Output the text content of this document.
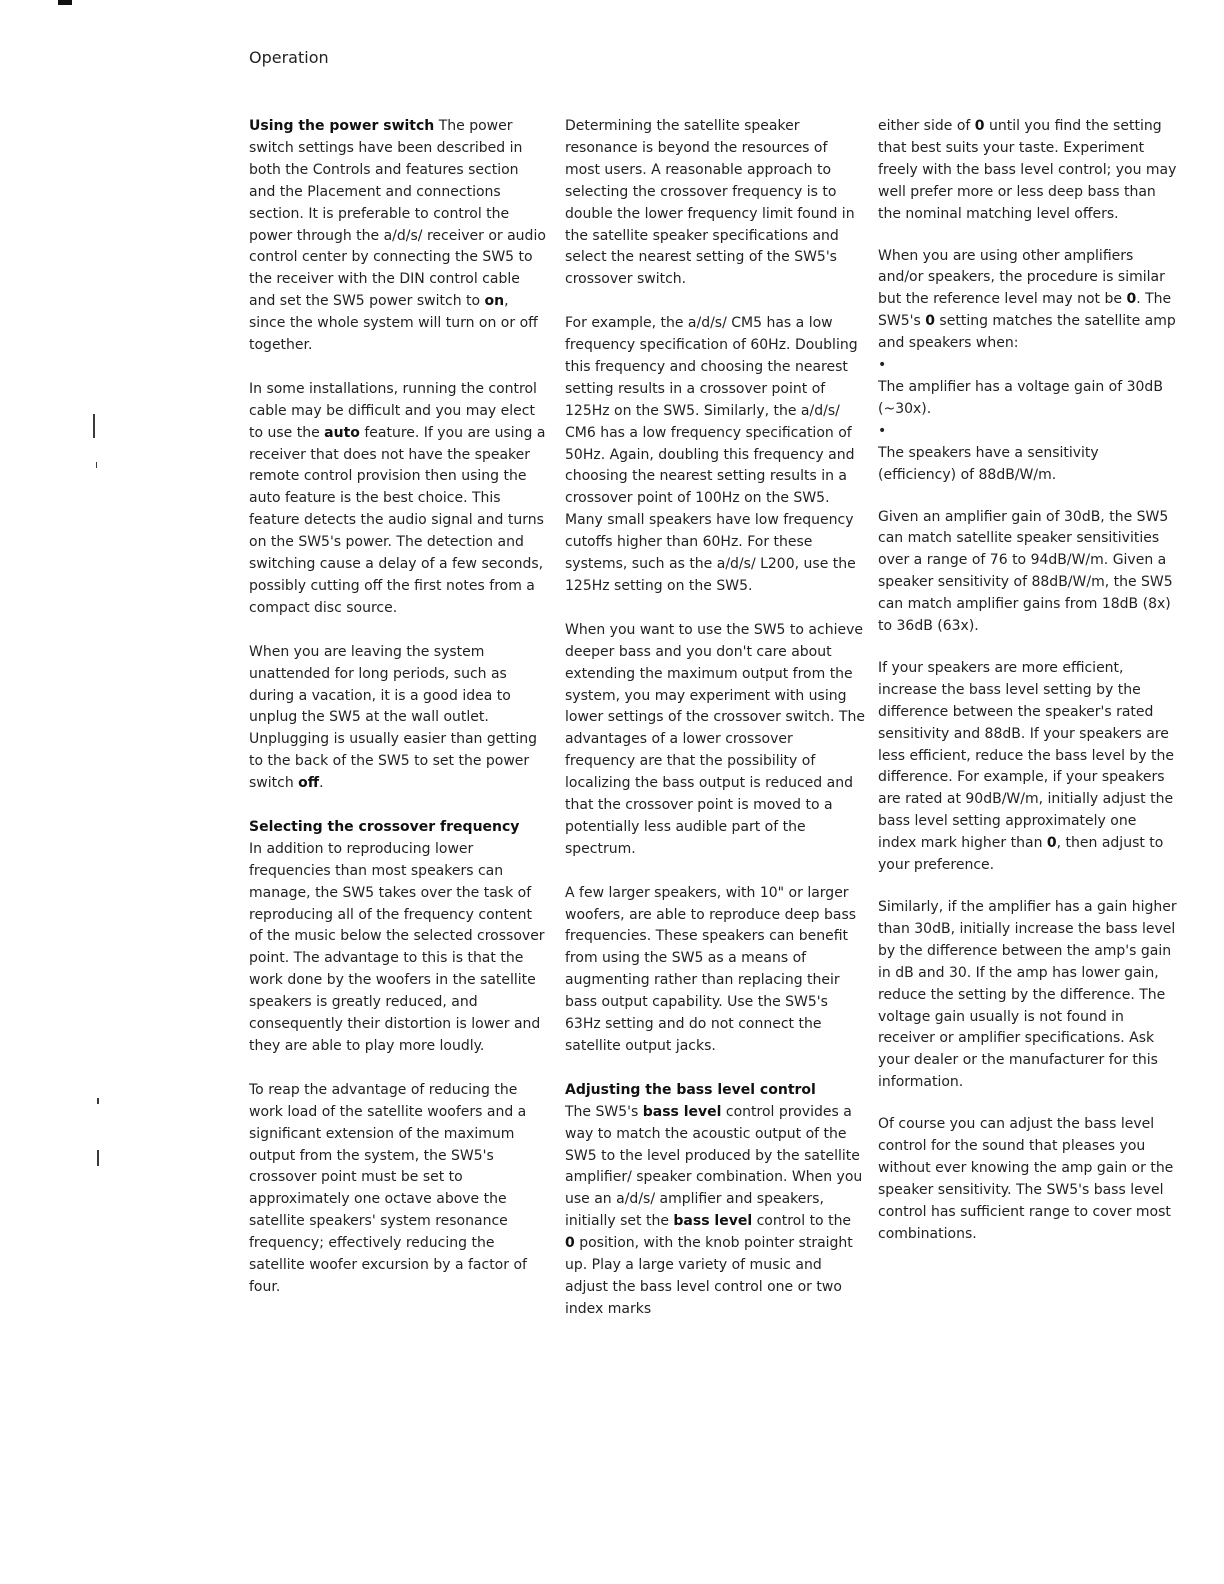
Operation

Using the power switch The power switch settings have been described in both the Controls and features section and the Placement and connections section. It is preferable to control the power through the a/d/s/ receiver or audio control center by connecting the SW5 to the receiver with the DIN control cable and set the SW5 power switch to on, since the whole system will turn on or off together.

In some installations, running the control cable may be difficult and you may elect to use the auto feature. If you are using a receiver that does not have the speaker remote control provision then using the auto feature is the best choice. This feature detects the audio signal and turns on the SW5's power. The detection and switching cause a delay of a few seconds, possibly cutting off the first notes from a compact disc source.

When you are leaving the system unattended for long periods, such as during a vacation, it is a good idea to unplug the SW5 at the wall outlet. Unplugging is usually easier than getting to the back of the SW5 to set the power switch off.

Selecting the crossover frequency
In addition to reproducing lower frequencies than most speakers can manage, the SW5 takes over the task of reproducing all of the frequency content of the music below the selected crossover point. The advantage to this is that the work done by the woofers in the satellite speakers is greatly reduced, and consequently their distortion is lower and they are able to play more loudly.

To reap the advantage of reducing the work load of the satellite woofers and a significant extension of the maximum output from the system, the SW5's crossover point must be set to approximately one octave above the satellite speakers' system resonance frequency; effectively reducing the satellite woofer excursion by a factor of four.

Determining the satellite speaker resonance is beyond the resources of most users. A reasonable approach to selecting the crossover frequency is to double the lower frequency limit found in the satellite speaker specifications and select the nearest setting of the SW5's crossover switch.

For example, the a/d/s/ CM5 has a low frequency specification of 60Hz. Doubling this frequency and choosing the nearest setting results in a crossover point of 125Hz on the SW5. Similarly, the a/d/s/ CM6 has a low frequency specification of 50Hz. Again, doubling this frequency and choosing the nearest setting results in a crossover point of 100Hz on the SW5. Many small speakers have low frequency cutoffs higher than 60Hz. For these systems, such as the a/d/s/ L200, use the 125Hz setting on the SW5.

When you want to use the SW5 to achieve deeper bass and you don't care about extending the maximum output from the system, you may experiment with using lower settings of the crossover switch. The advantages of a lower crossover frequency are that the possibility of localizing the bass output is reduced and that the crossover point is moved to a potentially less audible part of the spectrum.

A few larger speakers, with 10" or larger woofers, are able to reproduce deep bass frequencies. These speakers can benefit from using the SW5 as a means of augmenting rather than replacing their bass output capability. Use the SW5's 63Hz setting and do not connect the satellite output jacks.

Adjusting the bass level control
The SW5's bass level control provides a way to match the acoustic output of the SW5 to the level produced by the satellite amplifier/ speaker combination. When you use an a/d/s/ amplifier and speakers, initially set the bass level control to the 0 position, with the knob pointer straight up. Play a large variety of music and adjust the bass level control one or two index marks

either side of 0 until you find the setting that best suits your taste. Experiment freely with the bass level control; you may well prefer more or less deep bass than the nominal matching level offers.

When you are using other amplifiers and/or speakers, the procedure is similar but the reference level may not be 0. The SW5's 0 setting matches the satellite amp and speakers when:

•
The amplifier has a voltage gain of 30dB (~30x).
•
The speakers have a sensitivity (efficiency) of 88dB/W/m.

Given an amplifier gain of 30dB, the SW5 can match satellite speaker sensitivities over a range of 76 to 94dB/W/m. Given a speaker sensitivity of 88dB/W/m, the SW5 can match amplifier gains from 18dB (8x) to 36dB (63x).

If your speakers are more efficient, increase the bass level setting by the difference between the speaker's rated sensitivity and 88dB. If your speakers are less efficient, reduce the bass level by the difference. For example, if your speakers are rated at 90dB/W/m, initially adjust the bass level setting approximately one index mark higher than 0, then adjust to your preference.

Similarly, if the amplifier has a gain higher than 30dB, initially increase the bass level by the difference between the amp's gain in dB and 30. If the amp has lower gain, reduce the setting by the difference. The voltage gain usually is not found in receiver or amplifier specifications. Ask your dealer or the manufacturer for this information.

Of course you can adjust the bass level control for the sound that pleases you without ever knowing the amp gain or the speaker sensitivity. The SW5's bass level control has sufficient range to cover most combinations.
